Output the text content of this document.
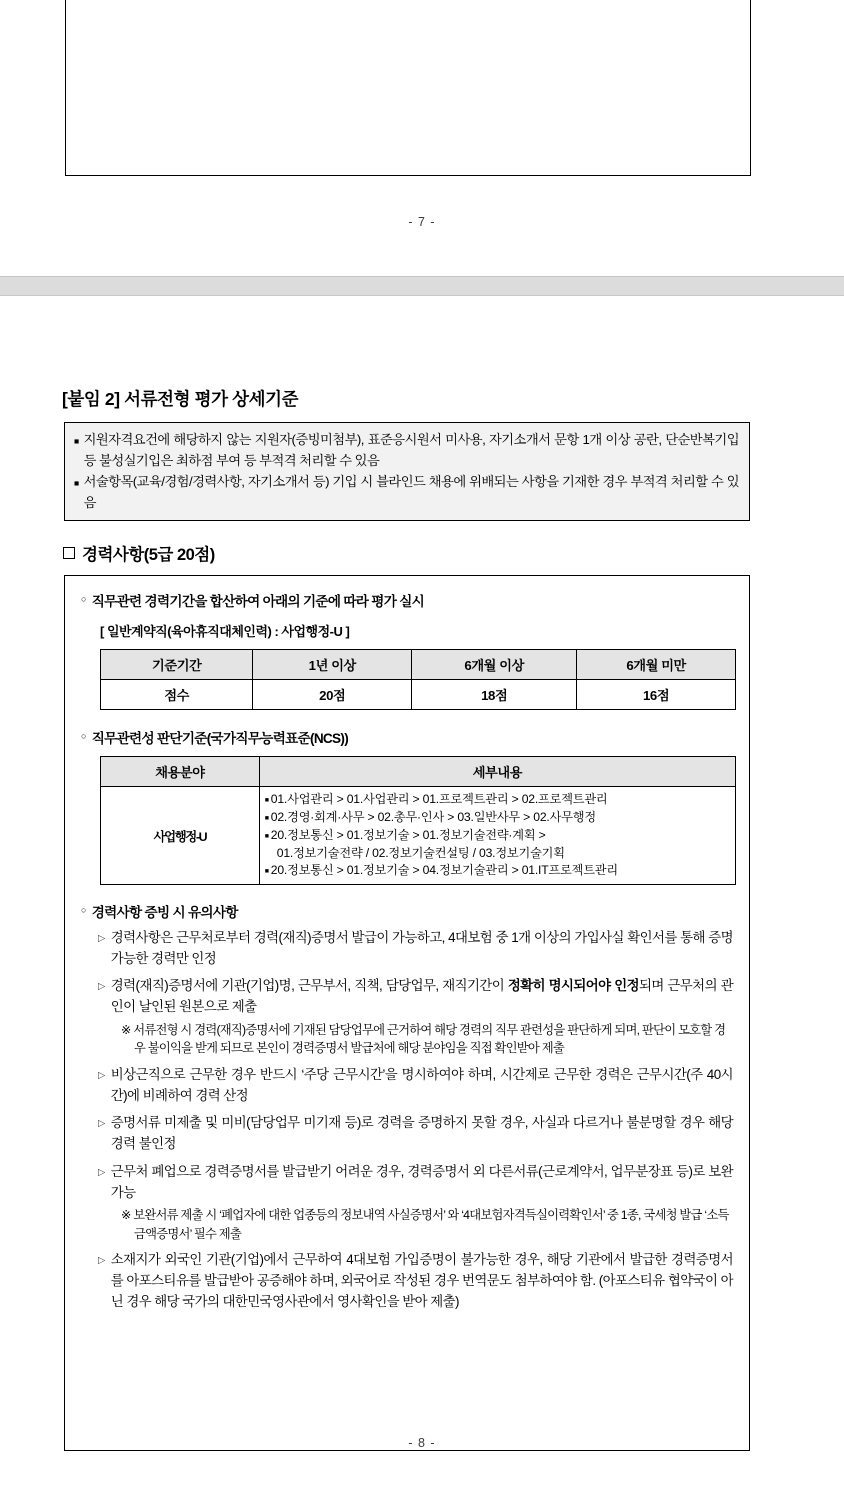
- 7 -
[붙임 2] 서류전형 평가 상세기준
■ 지원자격요건에 해당하지 않는 지원자(증빙미첨부), 표준응시원서 미사용, 자기소개서 문항 1개 이상 공란, 단순반복기입 등 불성실기입은 최하점 부여 등 부적격 처리할 수 있음
■ 서술항목(교육/경험/경력사항, 자기소개서 등) 기입 시 블라인드 채용에 위배되는 사항을 기재한 경우 부적격 처리할 수 있음
경력사항(5급 20점)
○ 직무관련 경력기간을 합산하여 아래의 기준에 따라 평가 실시
[ 일반계약직(육아휴직대체인력) : 사업행정-U ]
기준기간	1년 이상	6개월 이상	6개월 미만
점수	20점	18점	16점
○ 직무관련성 판단기준(국가직무능력표준(NCS))
채용분야	세부내용
사업행정-U	
■ 01.사업관리 > 01.사업관리 > 01.프로젝트관리 > 02.프로젝트관리
■ 02.경영·회계·사무 > 02.총무·인사 > 03.일반사무 > 02.사무행정
■ 20.정보통신 > 01.정보기술 > 01.정보기술전략·계획 >
01.정보기술전략 / 02.정보기술컨설팅 / 03.정보기술기획
■ 20.정보통신 > 01.정보기술 > 04.정보기술관리 > 01.IT프로젝트관리
○ 경력사항 증빙 시 유의사항
▷ 경력사항은 근무처로부터 경력(재직)증명서 발급이 가능하고, 4대보험 중 1개 이상의 가입사실 확인서를 통해 증명 가능한 경력만 인정
▷ 경력(재직)증명서에 기관(기업)명, 근무부서, 직책, 담당업무, 재직기간이 정확히 명시되어야 인정되며 근무처의 관인이 날인된 원본으로 제출
※ 서류전형 시 경력(재직)증명서에 기재된 담당업무에 근거하여 해당 경력의 직무 관련성을 판단하게 되며, 판단이 모호할 경우 불이익을 받게 되므로 본인이 경력증명서 발급처에 해당 분야임을 직접 확인받아 제출
▷ 비상근직으로 근무한 경우 반드시 ‘주당 근무시간’을 명시하여야 하며, 시간제로 근무한 경력은 근무시간(주 40시간)에 비례하여 경력 산정
▷ 증명서류 미제출 및 미비(담당업무 미기재 등)로 경력을 증명하지 못할 경우, 사실과 다르거나 불분명할 경우 해당 경력 불인정
▷ 근무처 폐업으로 경력증명서를 발급받기 어려운 경우, 경력증명서 외 다른서류(근로계약서, 업무분장표 등)로 보완 가능
※ 보완서류 제출 시 ‘폐업자에 대한 업종등의 정보내역 사실증명서’ 와 ‘4대보험자격득실이력확인서’ 중 1종, 국세청 발급 ‘소득금액증명서’ 필수 제출
▷ 소재지가 외국인 기관(기업)에서 근무하여 4대보험 가입증명이 불가능한 경우, 해당 기관에서 발급한 경력증명서를 아포스티유를 발급받아 공증해야 하며, 외국어로 작성된 경우 번역문도 첨부하여야 함. (아포스티유 협약국이 아닌 경우 해당 국가의 대한민국영사관에서 영사확인을 받아 제출)
- 8 -
